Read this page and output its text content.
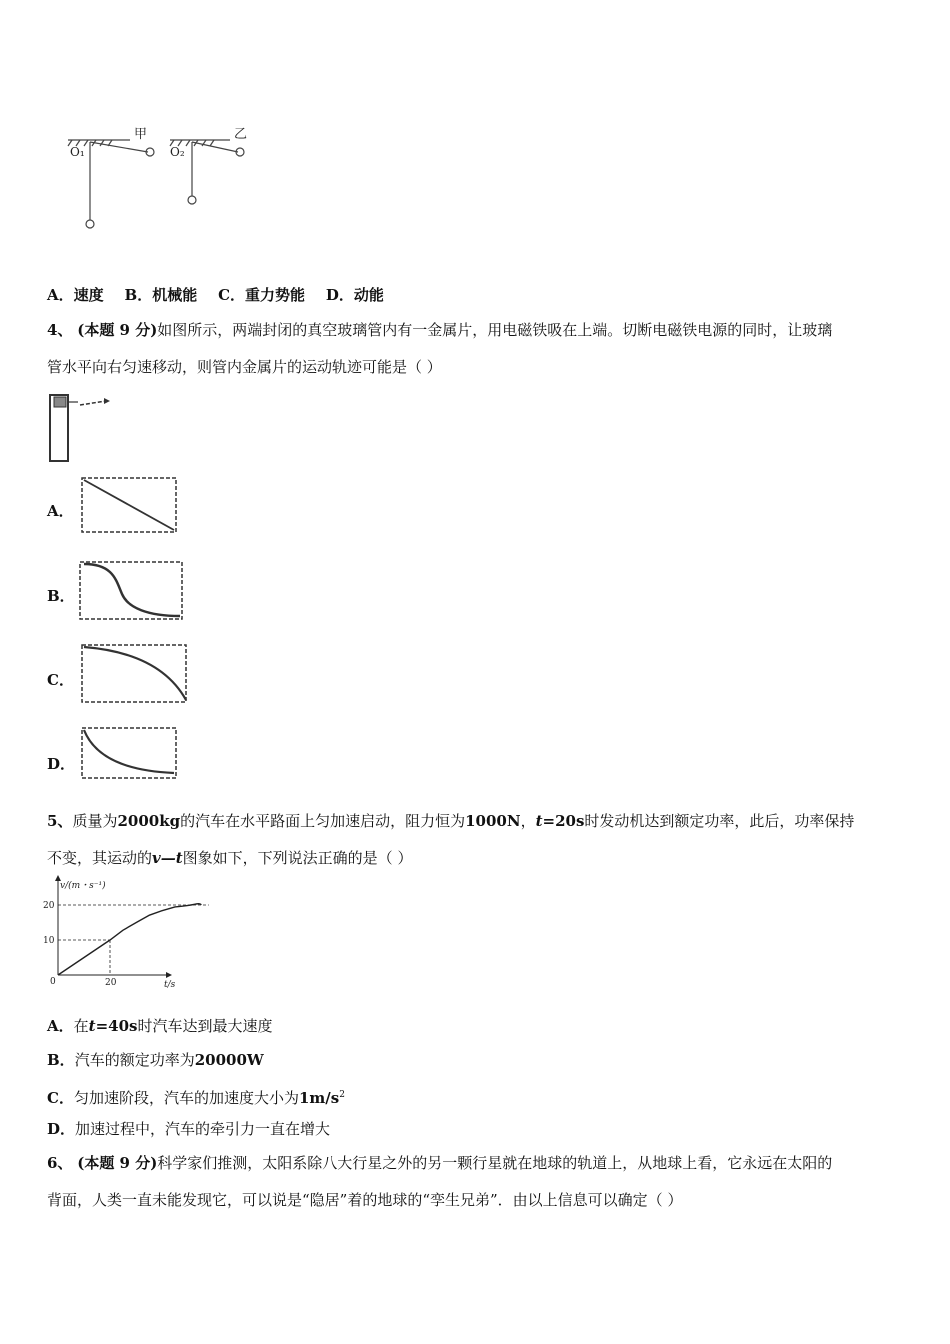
甲	乙
O₁	O₂
A．速度    B．机械能    C．重力势能    D．动能
4、 (本题 9 分)如图所示，两端封闭的真空玻璃管内有一金属片，用电磁铁吸在上端。切断电磁铁电源的同时，让玻璃
管水平向右匀速移动，则管内金属片的运动轨迹可能是（ ）
A．
B．
C．
D．
5、质量为2000kg的汽车在水平路面上匀加速启动，阻力恒为1000N，t=20s时发动机达到额定功率，此后，功率保持
不变，其运动的v—t图象如下，下列说法正确的是（ ）
v/(m・s⁻¹)
t/s
0
10
20
20
A．在t=40s时汽车达到最大速度
B．汽车的额定功率为20000W
C．匀加速阶段，汽车的加速度大小为$1m/s^2$
D．加速过程中，汽车的牵引力一直在增大
6、 (本题 9 分)科学家们推测，太阳系除八大行星之外的另一颗行星就在地球的轨道上，从地球上看，它永远在太阳的
背面，人类一直未能发现它，可以说是“隐居”着的地球的“孪生兄弟”．由以上信息可以确定（ ）
